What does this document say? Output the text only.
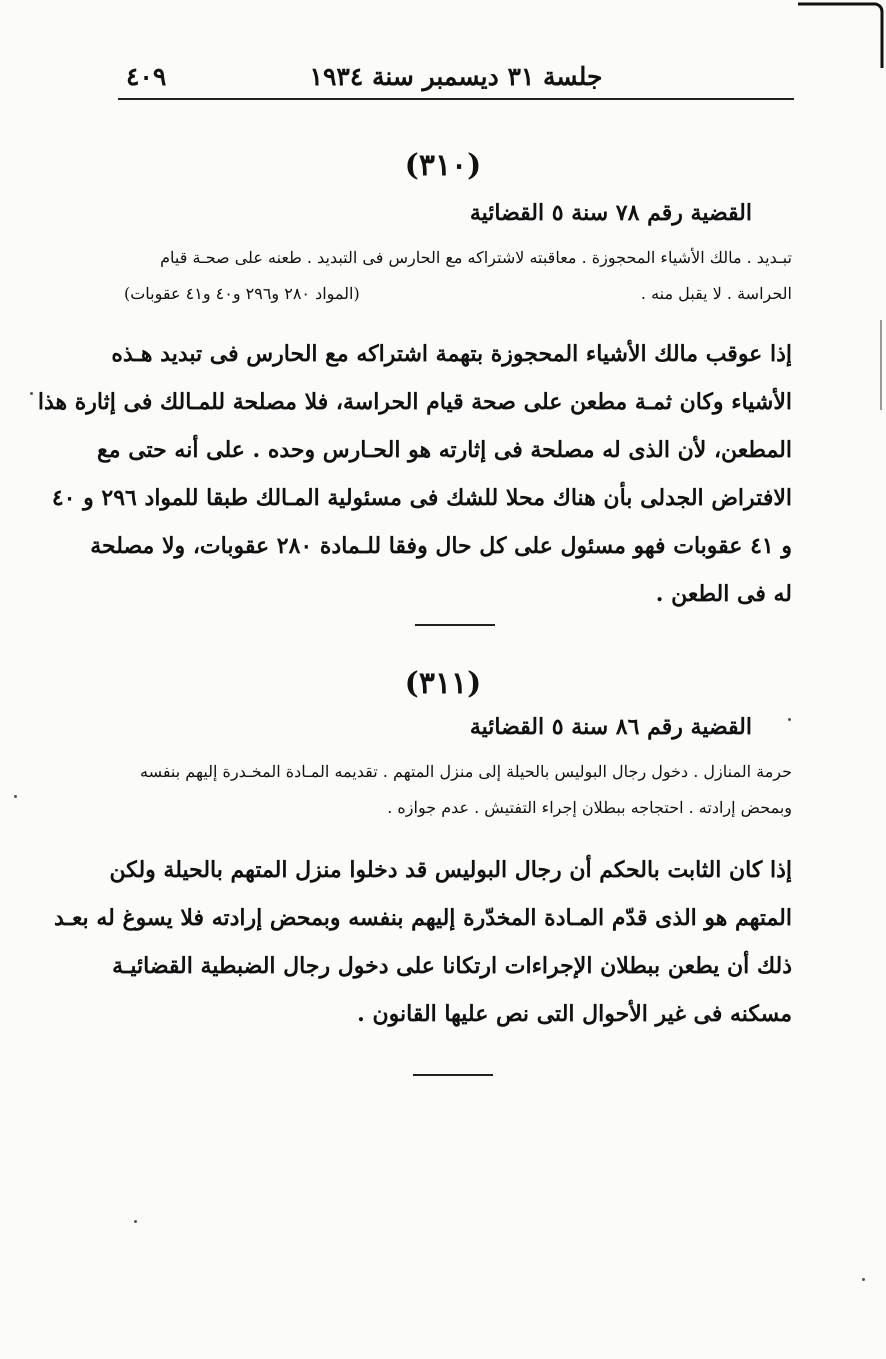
جلسة ٣١ ديسمبر سنة ١٩٣٤
٤٠٩
(٣١٠)
القضية رقم ٧٨ سنة ٥ القضائية
تبـديد . مالك الأشياء المحجوزة . معاقبته لاشتراكه مع الحارس فى التبديد . طعنه على صحـة قيام
الحراسة . لا يقبل منه .
(المواد ٢٨٠ و٢٩٦ و٤٠ و٤١ عقوبات)
إذا عوقب مالك الأشياء المحجوزة بتهمة اشتراكه مع الحارس فى تبديد هـذه
الأشياء وكان ثمـة مطعن على صحة قيام الحراسة، فلا مصلحة للمـالك فى إثارة هذا
المطعن، لأن الذى له مصلحة فى إثارته هو الحـارس وحده . على أنه حتى مع
الافتراض الجدلى بأن هناك محلا للشك فى مسئولية المـالك طبقا للمواد ٢٩٦ و ٤٠
و ٤١ عقوبات فهو مسئول على كل حال وفقا للـمادة ٢٨٠ عقوبات، ولا مصلحة
له فى الطعن .
(٣١١)
القضية رقم ٨٦ سنة ٥ القضائية
حرمة المنازل . دخول رجال البوليس بالحيلة إلى منزل المتهم . تقديمه المـادة المخـدرة إليهم بنفسه
وبمحض إرادته . احتجاجه ببطلان إجراء التفتيش . عدم جوازه .
إذا كان الثابت بالحكم أن رجال البوليس قد دخلوا منزل المتهم بالحيلة ولكن
المتهم هو الذى قدّم المـادة المخدّرة إليهم بنفسه وبمحض إرادته فلا يسوغ له بعـد
ذلك أن يطعن ببطلان الإجراءات ارتكانا على دخول رجال الضبطية القضائيـة
مسكنه فى غير الأحوال التى نص عليها القانون .
